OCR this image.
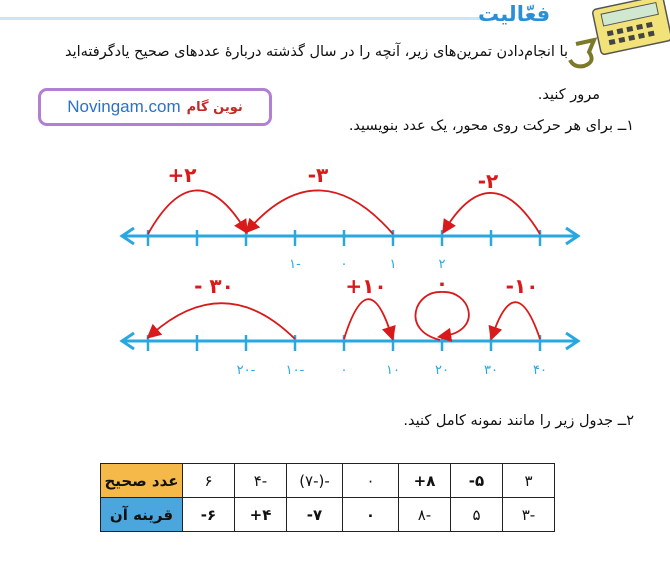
فعّالیت
با انجام‌دادن تمرین‌های زیر، آنچه را در سال گذشته دربارهٔ عددهای صحیح یادگرفته‌اید
مرور کنید.
Novingam.com نوین گام
۱ــ برای هر حرکت روی محور، یک عدد بنویسید.
۱-	۰	۱	۲
+۲	-۳	-۲
۲۰- ۱۰-	۰	۱۰	۲۰	۳۰	۴۰
- ۳۰	+۱۰ ۰	-۱۰
۲ــ جدول زیر را مانند نمونه کامل کنید.
عدد صحیح	۶	۴-	(۷-)-	۰	+۸	-۵	۳
قرینه آن	-۶	+۴	-۷	۰	۸-	۵	۳-
